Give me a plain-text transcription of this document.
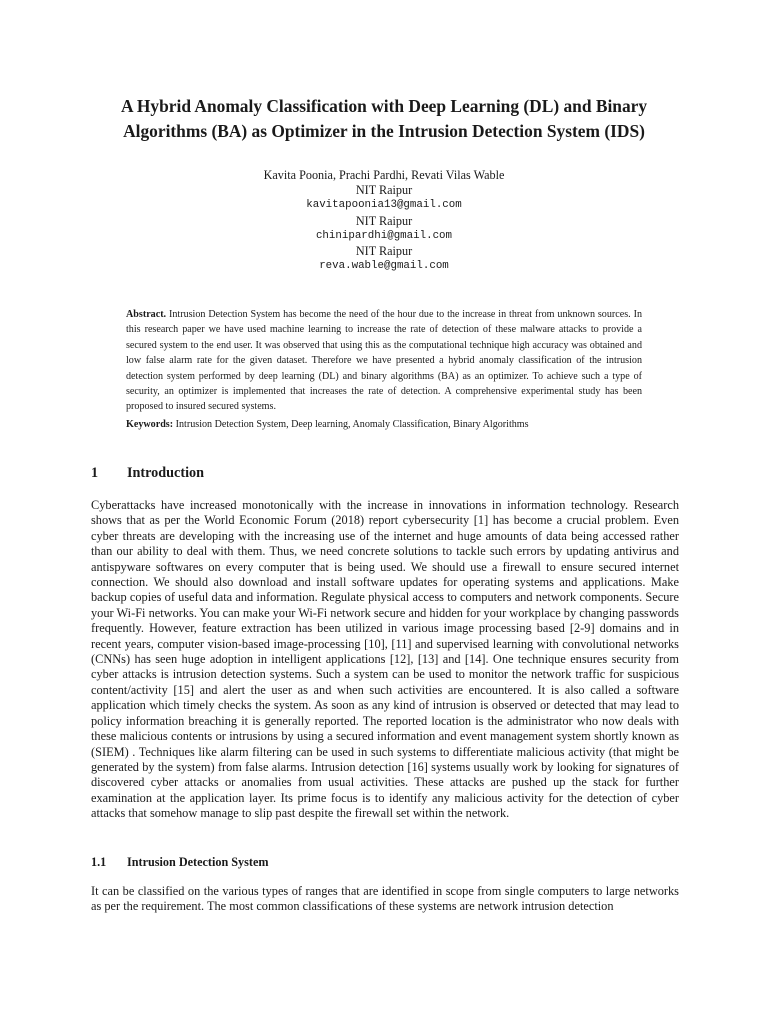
A Hybrid Anomaly Classification with Deep Learning (DL) and Binary
Algorithms (BA) as Optimizer in the Intrusion Detection System (IDS)
Kavita Poonia, Prachi Pardhi, Revati Vilas Wable
NIT Raipur
kavitapoonia13@gmail.com
NIT Raipur
chinipardhi@gmail.com
NIT Raipur
reva.wable@gmail.com

Abstract. Intrusion Detection System has become the need of the hour due to the increase in threat from unknown sources. In this research paper we have used machine learning to increase the rate of detection of these malware attacks to provide a secured system to the end user. It was observed that using this as the computational technique high accuracy was obtained and low false alarm rate for the given dataset. Therefore we have presented a hybrid anomaly classification of the intrusion detection system performed by deep learning (DL) and binary algorithms (BA) as an optimizer. To achieve such a type of security, an optimizer is implemented that increases the rate of detection. A comprehensive experimental study has been proposed to insured secured systems.

Keywords: Intrusion Detection System, Deep learning, Anomaly Classification, Binary Algorithms

1 Introduction

Cyberattacks have increased monotonically with the increase in innovations in information technology. Research shows that as per the World Economic Forum (2018) report cybersecurity [1] has become a crucial problem. Even cyber threats are developing with the increasing use of the internet and huge amounts of data being accessed rather than our ability to deal with them. Thus, we need concrete solutions to tackle such errors by updating antivirus and antispyware softwares on every computer that is being used. We should use a firewall to ensure secured internet connection. We should also download and install software updates for operating systems and applications. Make backup copies of useful data and information. Regulate physical access to computers and network components. Secure your Wi-Fi networks. You can make your Wi-Fi network secure and hidden for your workplace by changing passwords frequently. However, feature extraction has been utilized in various image processing based [2-9] domains and in recent years, computer vision-based image-processing [10], [11] and supervised learning with convolutional networks (CNNs) has seen huge adoption in intelligent applications [12], [13] and [14]. One technique ensures security from cyber attacks is intrusion detection systems. Such a system can be used to monitor the network traffic for suspicious content/activity [15] and alert the user as and when such activities are encountered. It is also called a software application which timely checks the system. As soon as any kind of intrusion is observed or detected that may lead to policy information breaching it is generally reported. The reported location is the administrator who now deals with these malicious contents or intrusions by using a secured information and event management system shortly known as (SIEM) . Techniques like alarm filtering can be used in such systems to differentiate malicious activity (that might be generated by the system) from false alarms. Intrusion detection [16] systems usually work by looking for signatures of discovered cyber attacks or anomalies from usual activities. These attacks are pushed up the stack for further examination at the application layer. Its prime focus is to identify any malicious activity for the detection of cyber attacks that somehow manage to slip past despite the firewall set within the network.

1.1 Intrusion Detection System

It can be classified on the various types of ranges that are identified in scope from single computers to large networks as per the requirement. The most common classifications of these systems are network intrusion detection
